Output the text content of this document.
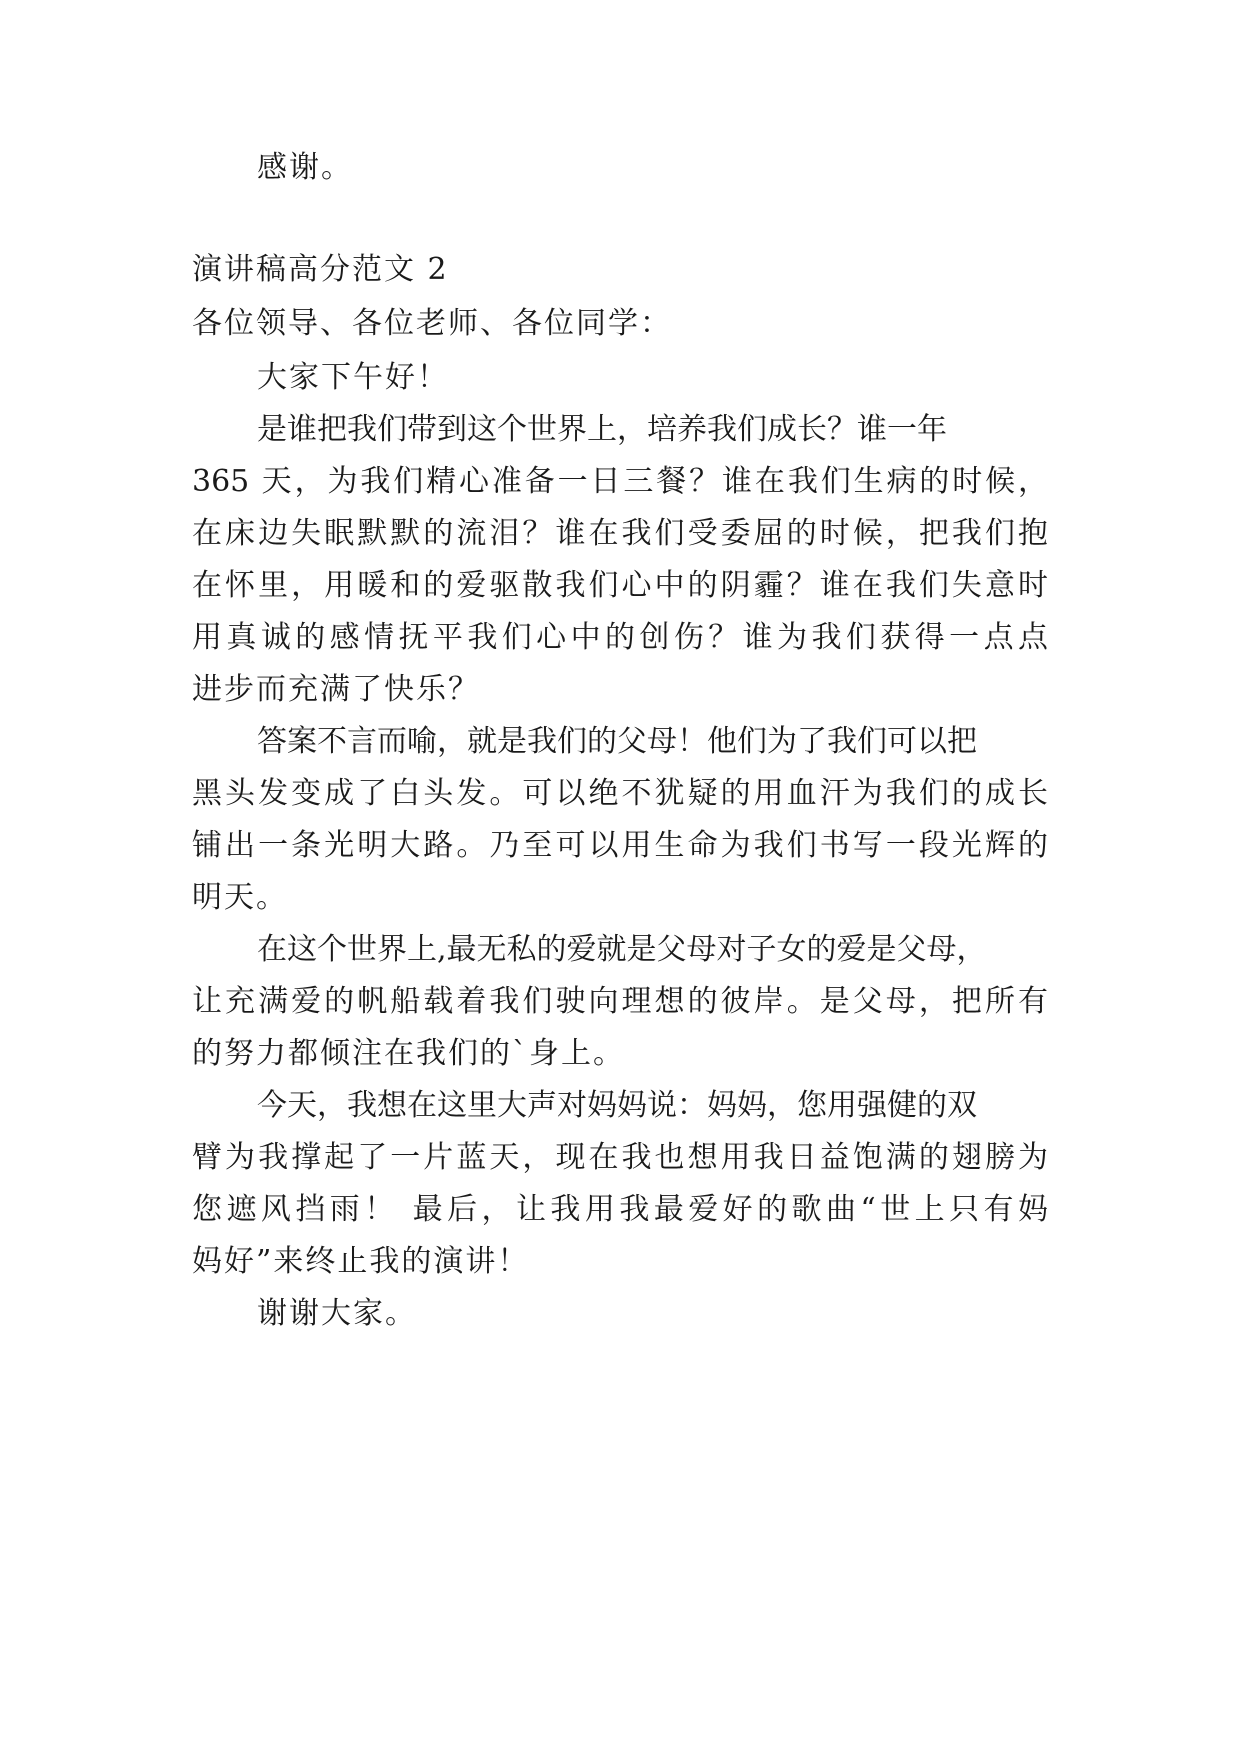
感谢。
演讲稿高分范文 2
各位领导、各位老师、各位同学：
大家下午好！
是谁把我们带到这个世界上，培养我们成长？谁一年
365 天，为我们精心准备一日三餐？谁在我们生病的时候，
在床边失眠默默的流泪？谁在我们受委屈的时候，把我们抱
在怀里，用暖和的爱驱散我们心中的阴霾？谁在我们失意时
用真诚的感情抚平我们心中的创伤？谁为我们获得一点点
进步而充满了快乐？
答案不言而喻，就是我们的父母！他们为了我们可以把
黑头发变成了白头发。可以绝不犹疑的用血汗为我们的成长
铺出一条光明大路。乃至可以用生命为我们书写一段光辉的
明天。
在这个世界上,最无私的爱就是父母对子女的爱是父母，
让充满爱的帆船载着我们驶向理想的彼岸。是父母，把所有
的努力都倾注在我们的`身上。
今天，我想在这里大声对妈妈说：妈妈，您用强健的双
臂为我撑起了一片蓝天，现在我也想用我日益饱满的翅膀为
您遮风挡雨！ 最后，让我用我最爱好的歌曲“世上只有妈
妈好”来终止我的演讲！
谢谢大家。
